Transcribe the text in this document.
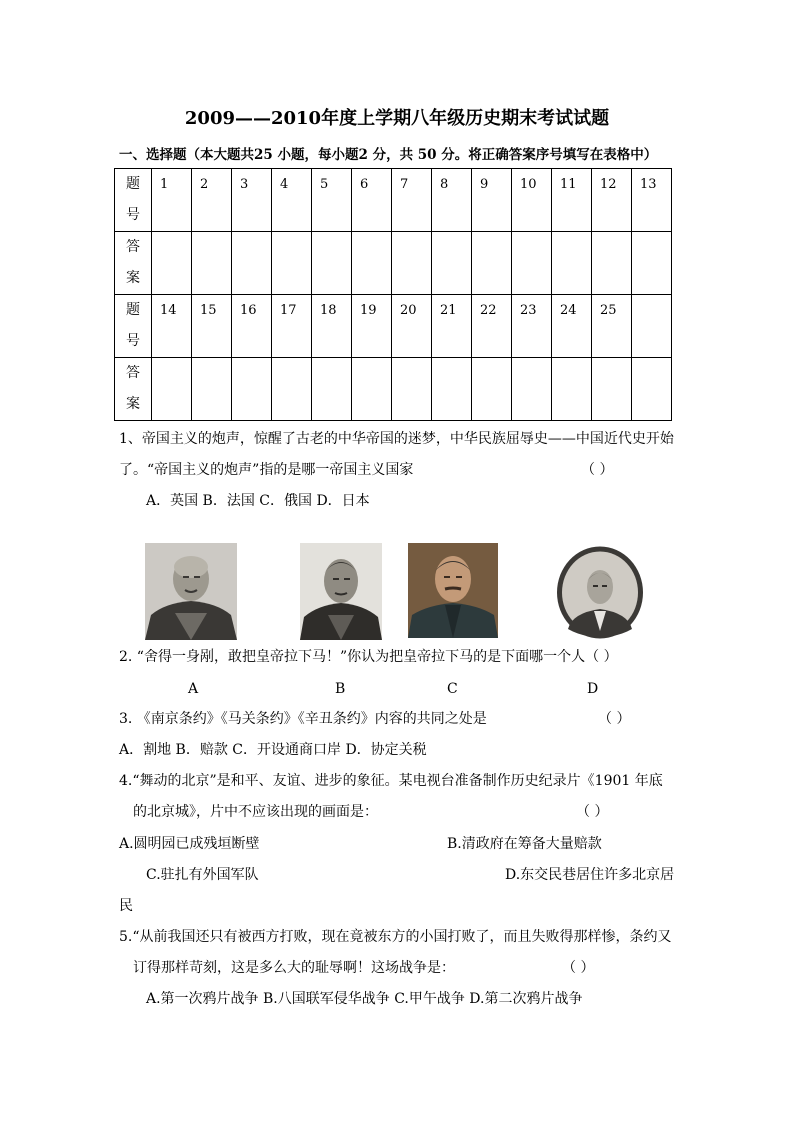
2009——2010年度上学期八年级历史期末考试试题
一、选择题（本大题共25 小题，每小题2 分，共 50 分。将正确答案序号填写在表格中）
题
号	1	2	3	4	5	6	7	8	9	10	11	12	13

答
案													

题
号	14	15	16	17	18	19	20	21	22	23	24	25	

答
案													

1、帝国主义的炮声，惊醒了古老的中华帝国的迷梦，中华民族屈辱史——中国近代史开始
了。“帝国主义的炮声”指的是哪一帝国主义国家	（ ）
A．英国 B．法国 C．俄国 D．日本
2. “舍得一身剐，敢把皇帝拉下马！”你认为把皇帝拉下马的是下面哪一个人（ ）
A	B	C	D
3. 《南京条约》《马关条约》《辛丑条约》内容的共同之处是	（ ）
A．割地 B．赔款 C．开设通商口岸 D．协定关税
4.“舞动的北京”是和平、友谊、进步的象征。某电视台准备制作历史纪录片《1901 年底
的北京城》，片中不应该出现的画面是：	（ ）
A.圆明园已成残垣断壁	B.清政府在筹备大量赔款
C.驻扎有外国军队	D.东交民巷居住许多北京居
民
5.“从前我国还只有被西方打败，现在竟被东方的小国打败了，而且失败得那样惨，条约又
订得那样苛刻，这是多么大的耻辱啊！这场战争是：	（ ）
A.第一次鸦片战争 B.八国联军侵华战争 C.甲午战争 D.第二次鸦片战争
